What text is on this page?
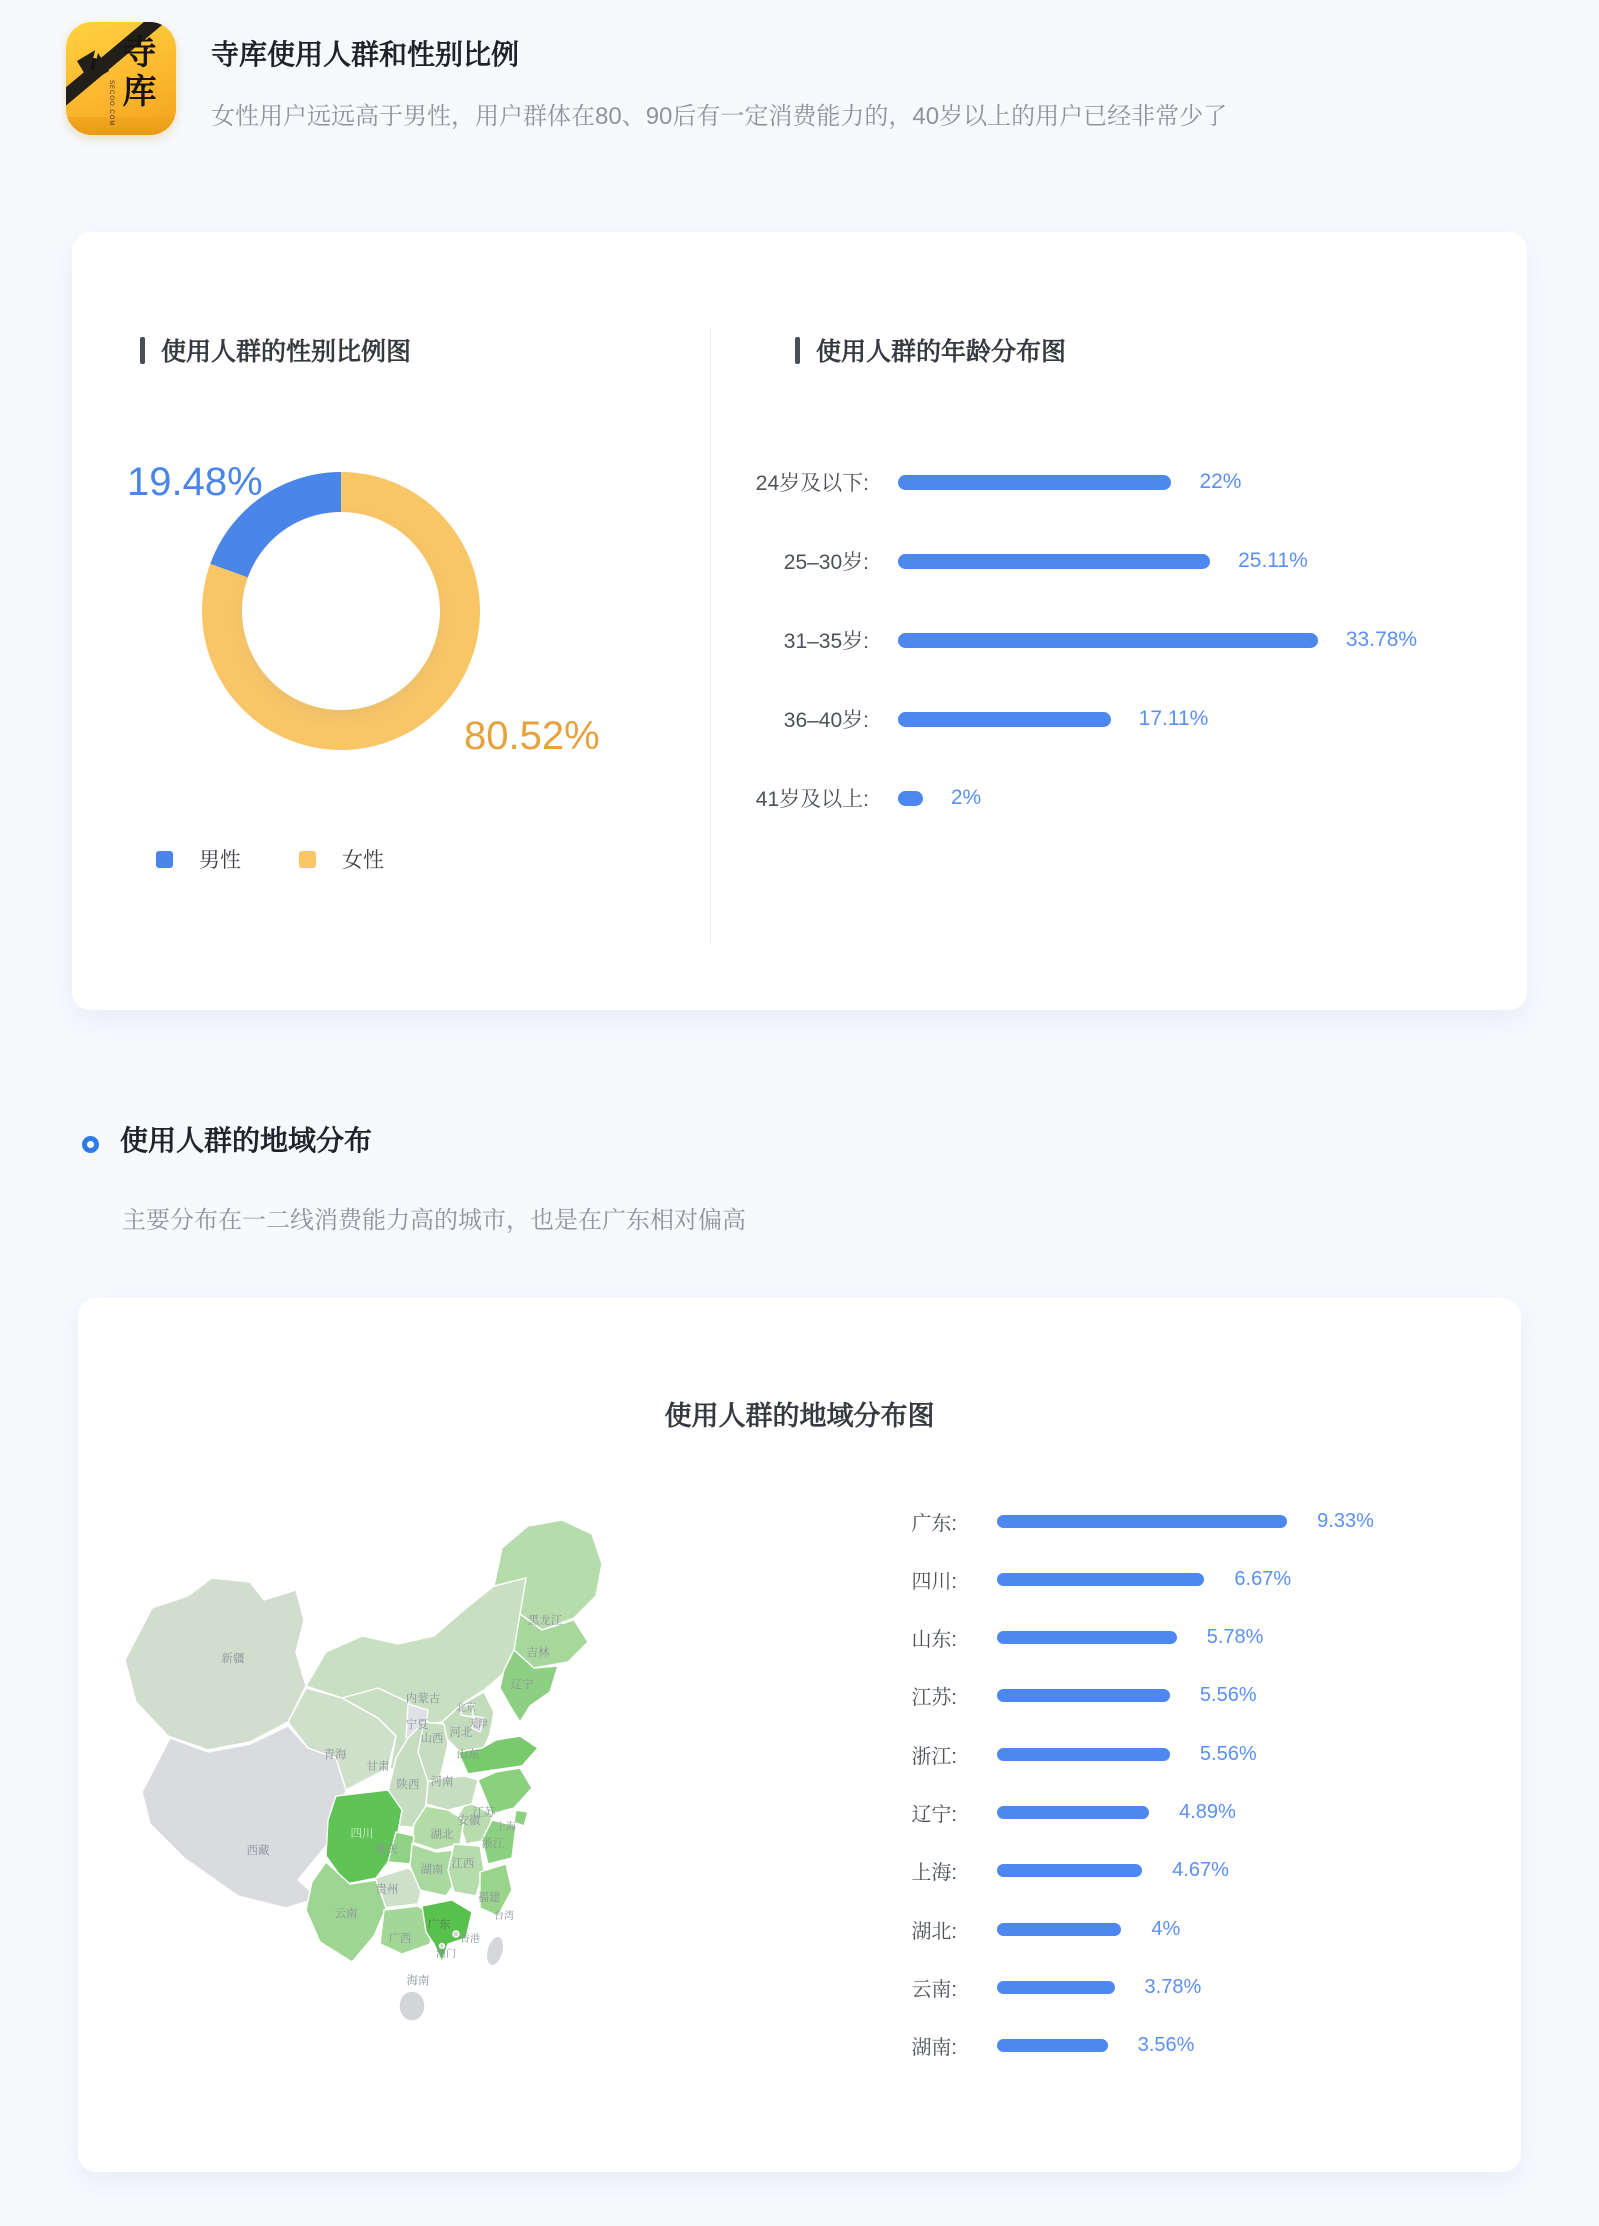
寺库
SECOO.COM
寺库使用人群和性别比例

女性用户远远高于男性，用户群体在80、90后有一定消费能力的，40岁以上的用户已经非常少了

使用人群的性别比例图	使用人群的年龄分布图
19.48%
80.52%
男性	女性
24岁及以下:	22%
25–30岁:	25.11%
31–35岁:	33.78%
36–40岁:	17.11%
41岁及以上:	2%
使用人群的地域分布

主要分布在一二线消费能力高的城市，也是在广东相对偏高

使用人群的地域分布图
新疆
西藏
青海
甘肃
宁夏
内蒙古
黑龙江
吉林
辽宁
北京
天津
河北
山西
山东
河南
陕西
江苏
安徽
上海
浙江
湖北
重庆
四川
贵州
湖南 江西
福建
云南
广西
广东
海南
台湾
香港
澳门
广东:	9.33%
四川:	6.67%
山东:	5.78%
江苏:	5.56%
浙江:	5.56%
辽宁:	4.89%
上海:	4.67%
湖北:	4%
云南:	3.78%
湖南:	3.56%
